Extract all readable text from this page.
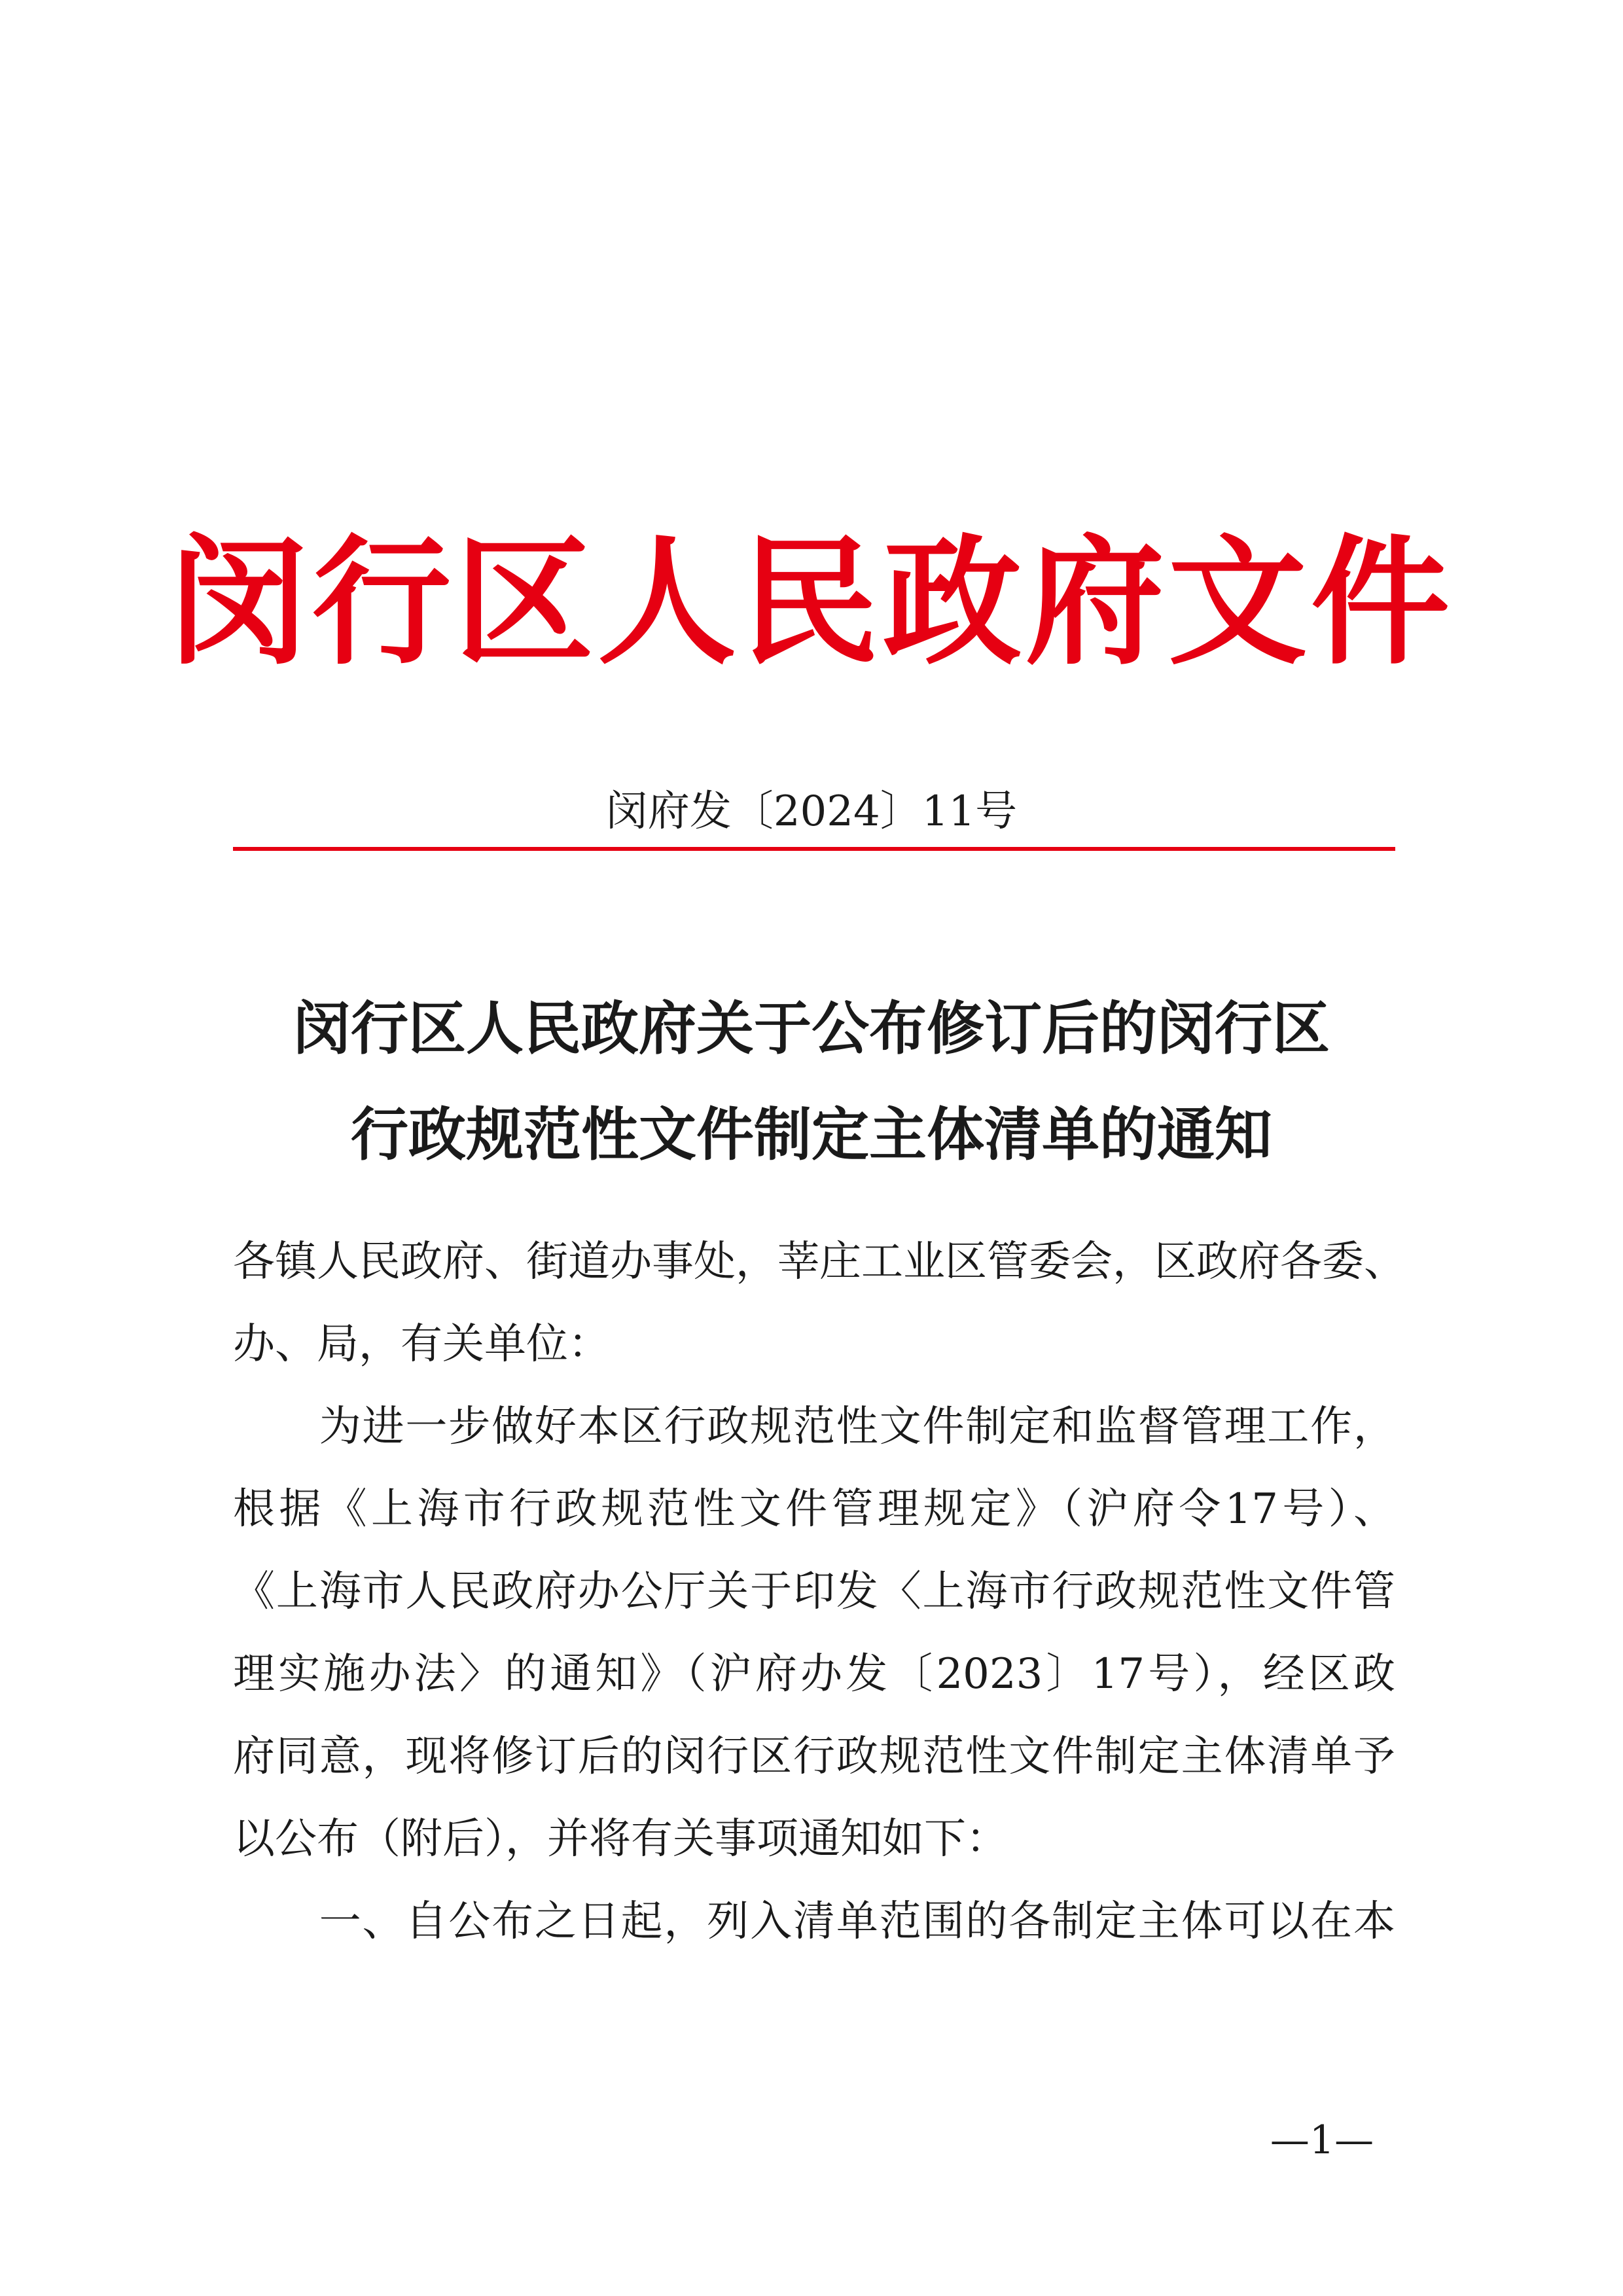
闵行区人民政府文件
闵府发〔2024〕11号
闵行区人民政府关于公布修订后的闵行区
行政规范性文件制定主体清单的通知
各镇人民政府、街道办事处，莘庄工业区管委会，区政府各委、
办、局，有关单位：
　　为进一步做好本区行政规范性文件制定和监督管理工作，
根据《上海市行政规范性文件管理规定》（沪府令17号）、
《上海市人民政府办公厅关于印发〈上海市行政规范性文件管
理实施办法〉的通知》（沪府办发〔2023〕17号），经区政
府同意，现将修订后的闵行区行政规范性文件制定主体清单予
以公布（附后），并将有关事项通知如下：
　　一、自公布之日起，列入清单范围的各制定主体可以在本
—1—
